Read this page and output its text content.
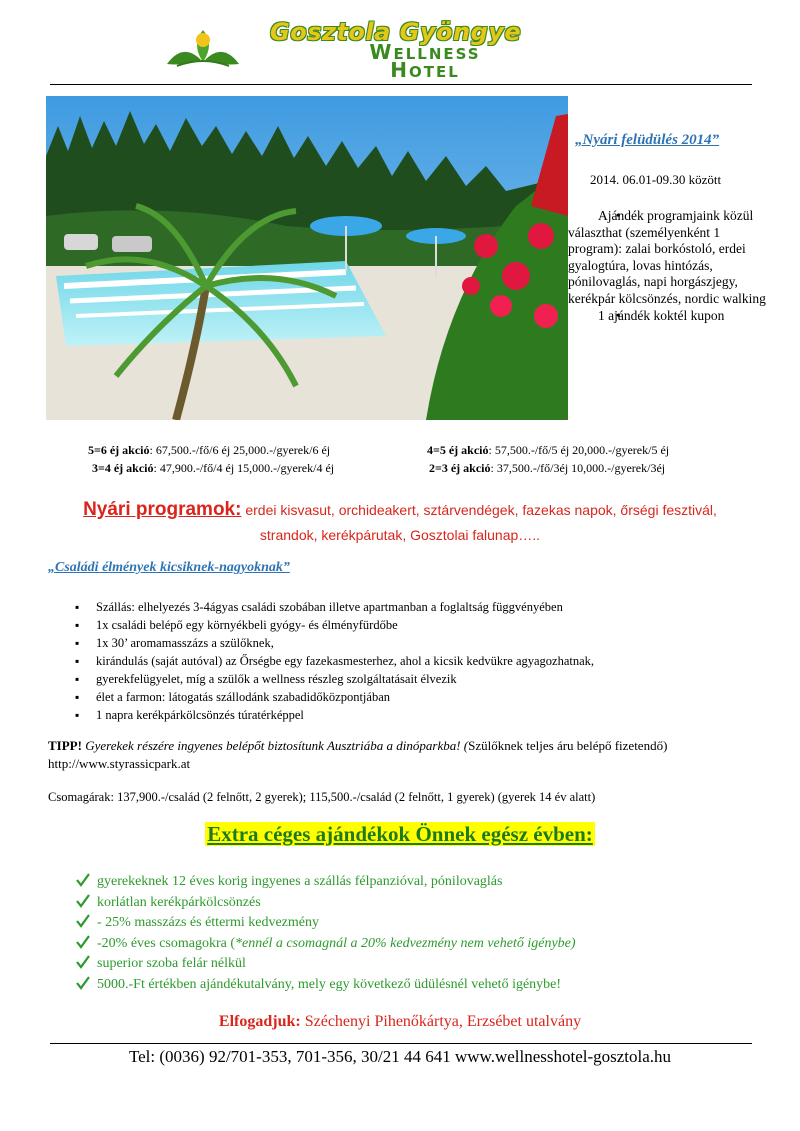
Gosztola Gyöngye
WELLNESS
HOTEL
„Nyári felüdülés 2014”
2014. 06.01-09.30 között

Ajándék programjaink közül választhat (személyenként 1 program): zalai borkóstoló, erdei gyalogtúra, lovas hintózás, pónilovaglás, napi horgászjegy, kerékpár kölcsönzés, nordic walking

1 ajándék koktél kupon

5=6 éj akció: 67,500.-/fő/6 éj 25,000.-/gyerek/6 éj	4=5 éj akció: 57,500.-/fő/5 éj 20,000.-/gyerek/5 éj
3=4 éj akció: 47,900.-/fő/4 éj 15,000.-/gyerek/4 éj	2=3 éj akció: 37,500.-/fő/3éj 10,000.-/gyerek/3éj
Nyári programok: erdei kisvasut, orchideakert, sztárvendégek, fazekas napok, őrségi fesztivál,
strandok, kerékpárutak, Gosztolai falunap…..
„Családi élmények kicsiknek-nagyoknak”
▪ Szállás: elhelyezés 3-4ágyas családi szobában illetve apartmanban a foglaltság függvényében
▪ 1x családi belépő egy környékbeli gyógy- és élményfürdőbe
▪ 1x 30’ aromamasszázs a szülőknek,
▪ kirándulás (saját autóval) az Őrségbe egy fazekasmesterhez, ahol a kicsik kedvükre agyagozhatnak,
▪ gyerekfelügyelet, míg a szülők a wellness részleg szolgáltatásait élvezik
▪ élet a farmon: látogatás szállodánk szabadidőközpontjában
▪ 1 napra kerékpárkölcsönzés túratérképpel
TIPP! Gyerekek részére ingyenes belépőt biztosítunk Ausztriába a dinóparkba! (Szülőknek teljes áru belépő fizetendő) http://www.styrassicpark.at
Csomagárak: 137,900.-/család (2 felnőtt, 2 gyerek); 115,500.-/család (2 felnőtt, 1 gyerek) (gyerek 14 év alatt)
Extra céges ajándékok Önnek egész évben:
gyerekeknek 12 éves korig ingyenes a szállás félpanzióval, pónilovaglás
korlátlan kerékpárkölcsönzés
- 25% masszázs és éttermi kedvezmény
-20% éves csomagokra (*ennél a csomagnál a 20% kedvezmény nem vehető igénybe)
superior szoba felár nélkül
5000.-Ft értékben ajándékutalvány, mely egy következő üdülésnél vehető igénybe!
Elfogadjuk: Széchenyi Pihenőkártya, Erzsébet utalvány
Tel: (0036) 92/701-353, 701-356, 30/21 44 641 www.wellnesshotel-gosztola.hu
